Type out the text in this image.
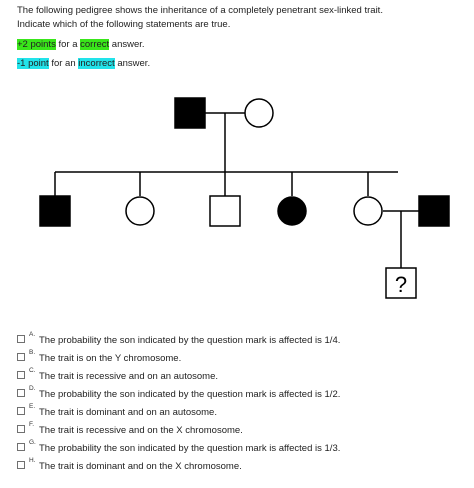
The following pedigree shows the inheritance of a completely penetrant sex-linked trait.
Indicate which of the following statements are true.
+2 points for a correct answer.
-1 point for an incorrect answer.
?
A.
The probability the son indicated by the question mark is affected is 1/4.
B.
The trait is on the Y chromosome.
C.
The trait is recessive and on an autosome.
D.
The probability the son indicated by the question mark is affected is 1/2.
E.
The trait is dominant and on an autosome.
F.
The trait is recessive and on the X chromosome.
G.
The probability the son indicated by the question mark is affected is 1/3.
H.
The trait is dominant and on the X chromosome.
